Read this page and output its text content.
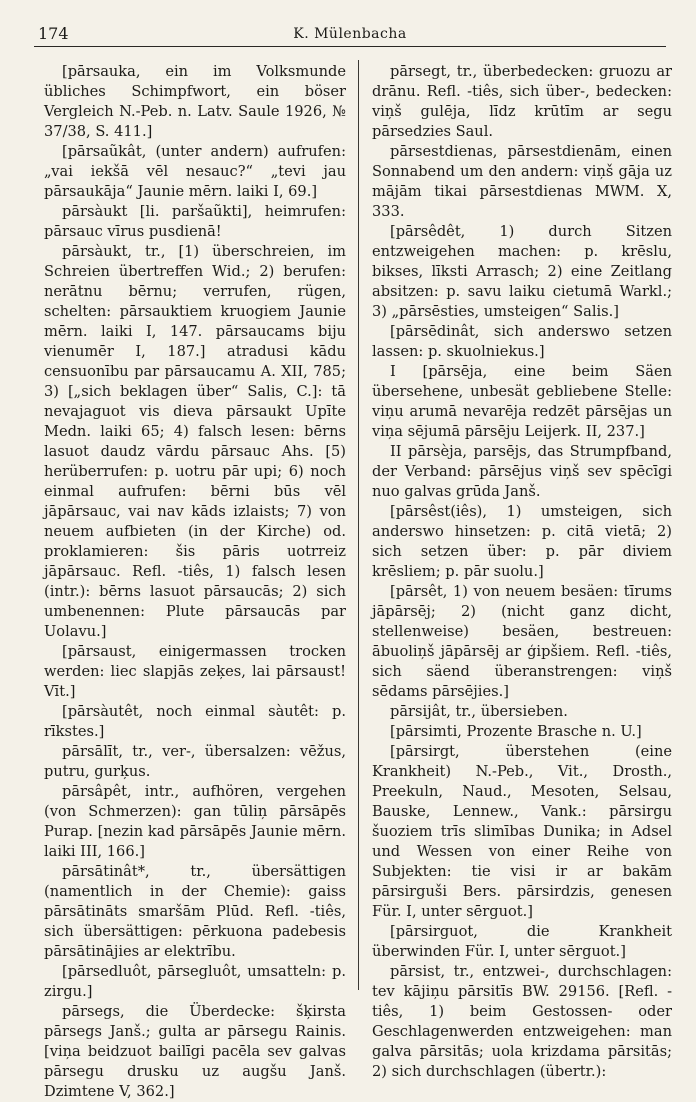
174	K. Mülenbacha

[pārsauka, ein im Volksmunde übliches Schimpfwort, ein böser Vergleich N.-Peb. n. Latv. Saule 1926, № 37/38, S. 411.]

[pārsaũkât, (unter andern) aufrufen: „vai iekšā vēl nesauc?“ „tevi jau pārsaukāja“ Jaunie mērn. laiki I, 69.]

pārsàukt [li. paršaũkti], heimrufen: pārsauc vīrus pusdienā!

pārsàukt, tr., [1) überschreien, im Schreien übertreffen Wid.; 2) berufen: nerātnu bērnu; verrufen, rügen, schelten: pārsauktiem kruogiem Jaunie mērn. laiki I, 147. pārsaucams biju vienumēr I, 187.] atradusi kādu censuonību par pārsaucamu A. XII, 785; 3) [„sich beklagen über“ Salis, C.]: tā nevajaguot vis dieva pārsaukt Upīte Medn. laiki 65; 4) falsch lesen: bērns lasuot daudz vārdu pārsauc Ahs. [5) herüberrufen: p. uotru pār upi; 6) noch einmal aufrufen: bērni būs vēl jāpārsauc, vai nav kāds izlaists; 7) von neuem aufbieten (in der Kirche) od. proklamieren: šis pāris uotrreiz jāpārsauc. Refl. -tiês, 1) falsch lesen (intr.): bērns lasuot pārsaucās; 2) sich umbenennen: Plute pārsaucās par Uolavu.]

[pārsaust, einigermassen trocken werden: liec slapjās zeķes, lai pārsaust! Vīt.]

[pārsàutêt, noch einmal sàutêt: p. rīkstes.]

pārsālīt, tr., ver-, übersalzen: vēžus, putru, gurķus.

pārsâpêt, intr., aufhören, vergehen (von Schmerzen): gan tūliņ pārsāpēs Purap. [nezin kad pārsāpēs Jaunie mērn. laiki III, 166.]

pārsātinât*, tr., übersättigen (namentlich in der Chemie): gaiss pārsātināts smaršām Plūd. Refl. -tiês, sich übersättigen: pērkuona padebesis pārsātinājies ar elektrību.

[pārsedluôt, pārsegluôt, umsatteln: p. zirgu.]

pārsegs, die Überdecke: šķirsta pārsegs Janš.; gulta ar pārsegu Rainis. [viņa beidzuot bailīgi pacēla sev galvas pārsegu drusku uz augšu Janš. Dzimtene V, 362.]

pārsegt, tr., überbedecken: gruozu ar drānu. Refl. -tiês, sich über-, bedecken: viņš gulēja, līdz krūtīm ar segu pārsedzies Saul.

pārsestdienas, pārsestdienām, einen Sonnabend um den andern: viņš gāja uz mājām tikai pārsestdienas MWM. X, 333.

[pārsêdêt, 1) durch Sitzen entzweigehen machen: p. krēslu, bikses, līksti Arrasch; 2) eine Zeitlang absitzen: p. savu laiku cietumā Warkl.; 3) „pārsēsties, umsteigen“ Salis.]

[pārsēdinât, sich anderswo setzen lassen: p. skuolniekus.]

I [pārsēja, eine beim Säen übersehene, unbesät gebliebene Stelle: viņu arumā nevarēja redzēt pārsējas un viņa sējumā pārsēju Leijerk. II, 237.]

II pārsèja, parsējs, das Strumpfband, der Verband: pārsējus viņš sev spēcīgi nuo galvas grūda Janš.

[pārsêst(iês), 1) umsteigen, sich anderswo hinsetzen: p. citā vietā; 2) sich setzen über: p. pār diviem krēsliem; p. pār suolu.]

[pārsêt, 1) von neuem besäen: tīrums jāpārsēj; 2) (nicht ganz dicht, stellenweise) besäen, bestreuen: ābuoliņš jāpārsēj ar ģipšiem. Refl. -tiês, sich säend überanstrengen: viņš sēdams pārsējies.]

pārsijât, tr., übersieben.

[pārsimti, Prozente Brasche n. U.]

[pārsirgt, überstehen (eine Krankheit) N.-Peb., Vit., Drosth., Preekuln, Naud., Mesoten, Selsau, Bauske, Lennew., Vank.: pārsirgu šuoziem trīs slimības Dunika; in Adsel und Wessen von einer Reihe von Subjekten: tie visi ir ar bakām pārsirguši Bers. pārsirdzis, genesen Für. I, unter sērguot.]

[pārsirguot, die Krankheit überwinden Für. I, unter sērguot.]

pārsist, tr., entzwei-, durchschlagen: tev kājiņu pārsitīs BW. 29156. [Refl. -tiês, 1) beim Gestossen- oder Geschlagenwerden entzweigehen: man galva pārsitās; uola krizdama pārsitās; 2) sich durchschlagen (übertr.):
